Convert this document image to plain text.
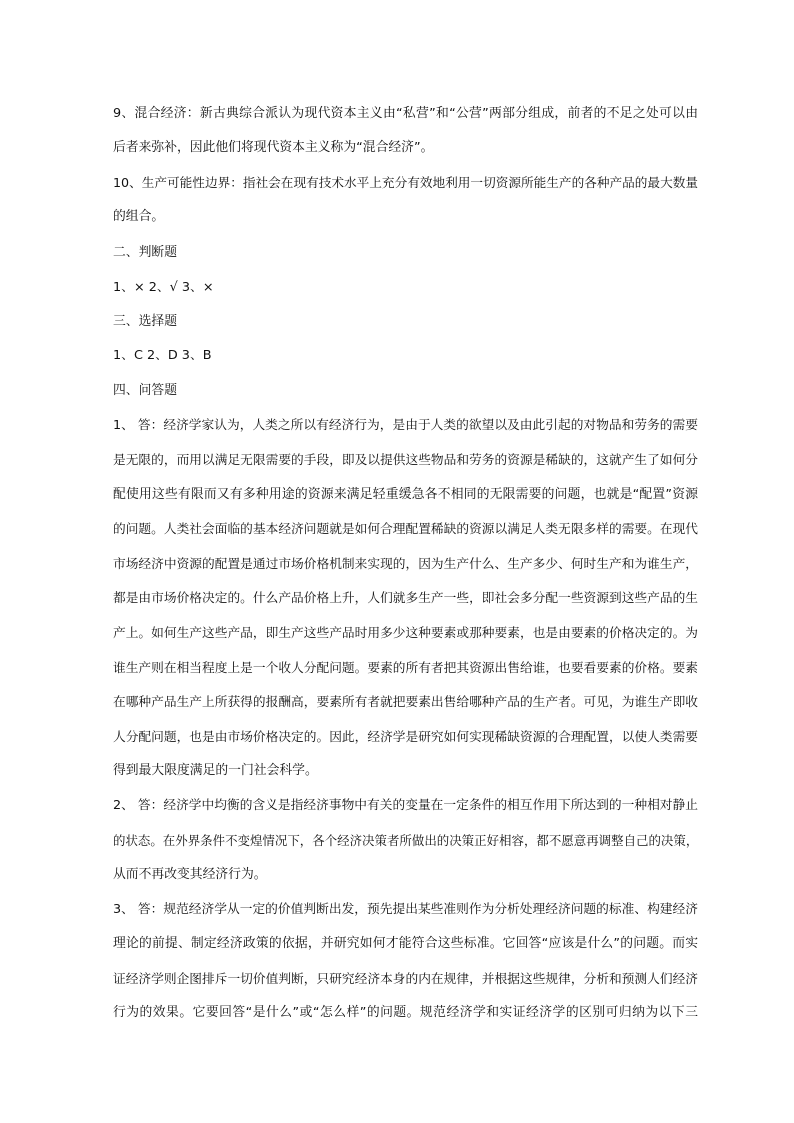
9、混合经济：新古典综合派认为现代资本主义由“私营”和“公营”两部分组成，前者的不足之处可以由
后者来弥补，因此他们将现代资本主义称为“混合经济”。
10、生产可能性边界：指社会在现有技术水平上充分有效地利用一切资源所能生产的各种产品的最大数量
的组合。
二、判断题
1、× 2、√ 3、×
三、选择题
1、C 2、D 3、B
四、问答题
1、 答：经济学家认为，人类之所以有经济行为，是由于人类的欲望以及由此引起的对物品和劳务的需要
是无限的，而用以满足无限需要的手段，即及以提供这些物品和劳务的资源是稀缺的，这就产生了如何分
配使用这些有限而又有多种用途的资源来满足轻重缓急各不相同的无限需要的问题，也就是“配置”资源
的问题。人类社会面临的基本经济问题就是如何合理配置稀缺的资源以满足人类无限多样的需要。在现代
市场经济中资源的配置是通过市场价格机制来实现的，因为生产什么、生产多少、何时生产和为谁生产，
都是由市场价格决定的。什么产品价格上升，人们就多生产一些，即社会多分配一些资源到这些产品的生
产上。如何生产这些产品，即生产这些产品时用多少这种要素或那种要素，也是由要素的价格决定的。为
谁生产则在相当程度上是一个收人分配问题。要素的所有者把其资源出售给谁，也要看要素的价格。要素
在哪种产品生产上所获得的报酬高，要素所有者就把要素出售给哪种产品的生产者。可见，为谁生产即收
人分配问题，也是由市场价格决定的。因此，经济学是研究如何实现稀缺资源的合理配置，以使人类需要
得到最大限度满足的一门社会科学。
2、 答：经济学中均衡的含义是指经济事物中有关的变量在一定条件的相互作用下所达到的一种相对静止
的状态。在外界条件不变煌情况下，各个经济决策者所做出的决策正好相容，都不愿意再调整自己的决策，
从而不再改变其经济行为。
3、 答：规范经济学从一定的价值判断出发，预先提出某些准则作为分析处理经济问题的标准、构建经济
理论的前提、制定经济政策的依据，并研究如何才能符合这些标准。它回答“应该是什么”的问题。而实
证经济学则企图排斥一切价值判断，只研究经济本身的内在规律，并根据这些规律，分析和预测人们经济
行为的效果。它要回答“是什么”或“怎么样”的问题。规范经济学和实证经济学的区别可归纳为以下三
